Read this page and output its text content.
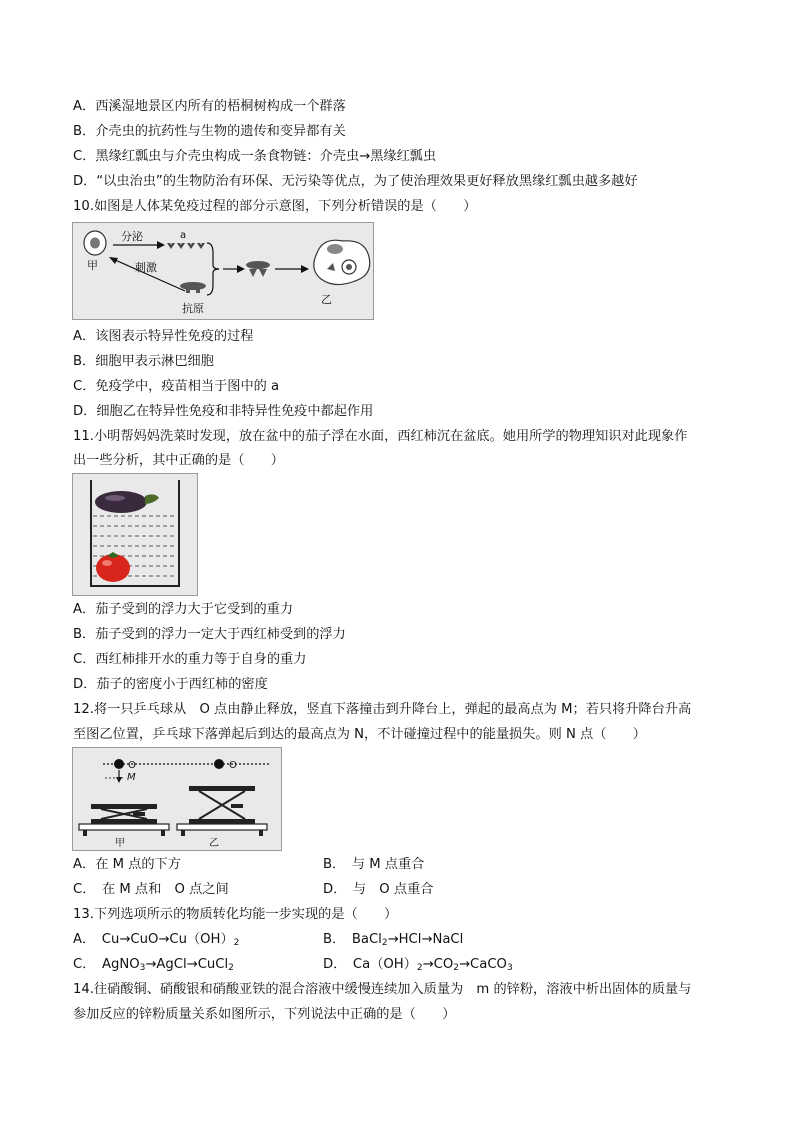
A．西溪湿地景区内所有的梧桐树构成一个群落
B．介壳虫的抗药性与生物的遗传和变异都有关
C．黑缘红瓢虫与介壳虫构成一条食物链：介壳虫→黑缘红瓢虫
D．“以虫治虫”的生物防治有环保、无污染等优点，为了使治理效果更好释放黑缘红瓢虫越多越好
10.如图是人体某免疫过程的部分示意图，下列分析错误的是（　　）
甲
分泌	a
刺激
抗原
乙
A．该图表示特异性免疫的过程
B．细胞甲表示淋巴细胞
C．免疫学中，疫苗相当于图中的 a
D．细胞乙在特异性免疫和非特异性免疫中都起作用
11.小明帮妈妈洗菜时发现，放在盆中的茄子浮在水面，西红柿沉在盆底。她用所学的物理知识对此现象作
出一些分析，其中正确的是（　　）
A．茄子受到的浮力大于它受到的重力
B．茄子受到的浮力一定大于西红柿受到的浮力
C．西红柿排开水的重力等于自身的重力
D．茄子的密度小于西红柿的密度
12.将一只乒乓球从　O 点由静止释放，竖直下落撞击到升降台上，弹起的最高点为 M；若只将升降台升高
至图乙位置，乒乓球下落弹起后到达的最高点为 N，不计碰撞过程中的能量损失。则 N 点（　　）
O
M
O
甲	乙
A．在 M 点的下方	B．　与 M 点重合
C．　在 M 点和　O 点之间	D．　与　O 点重合
13.下列选项所示的物质转化均能一步实现的是（　　）
A．　$Cu\to CuO\to Cu(OH)_2$	B．　BaCl$_2$→HCl→NaCl
C．　AgNO$_3$→AgCl→CuCl$_2$	D．　$Ca(OH)_2\to CO_2\to CaCO_3$
14.往硝酸铜、硝酸银和硝酸亚铁的混合溶液中缓慢连续加入质量为　m 的锌粉，溶液中析出固体的质量与
参加反应的锌粉质量关系如图所示，下列说法中正确的是（　　）
